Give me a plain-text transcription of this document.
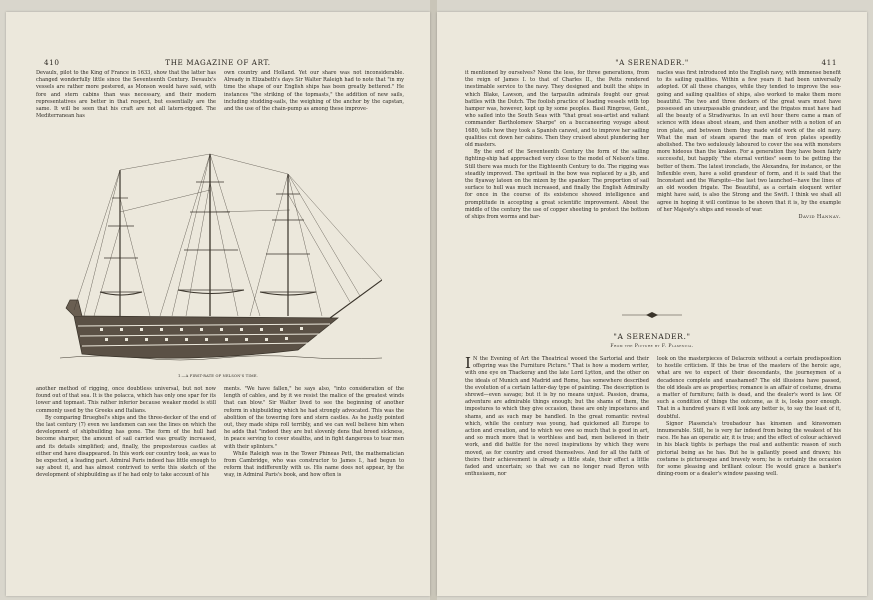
410	THE MAGAZINE OF ART.

Devaulx, pilot to the King of France in 1633, show that the latter has changed wonderfully little since the Seventeenth Century. Devaulx's vessels are rather more pestered, as Monson would have said, with fore and stern cabins than was necessary, and their modern representatives are better in that respect, but essentially are the same. It will be seen that his craft are not all latern-rigged. The Mediterranean has

own country and Holland. Yet our share was not inconsiderable. Already in Elizabeth's days Sir Walter Raleigh had to note that "in my time the shape of our English ships has been greatly bettered." He instances "the striking of the topmasts," the addition of new sails, including studding-sails, the weighing of the anchor by the capstan, and the use of the chain-pump as among these improve-

1.—A FIRST-RATE OF NELSON'S TIME.

another method of rigging, once doubtless universal, but not now found out of that sea. It is the polacca, which has only one spar for its lower and topmast. This rather inferior because weaker model is still commonly used by the Greeks and Italians.

By comparing Brueghel's ships and the three-decker of the end of the last century (7) even we landsmen can see the lines on which the development of shipbuilding has gone. The form of the hull had become sharper, the amount of sail carried was greatly increased, and its details simplified; and, finally, the preposterous castles at either end have disappeared. In this work our country took, as was to be expected, a leading part. Admiral Paris indeed has little enough to say about it, and has almost contrived to write this sketch of the development of shipbuilding as if he had only to take account of his

ments. "We have fallen," he says also, "into consideration of the length of cables, and by it we resist the malice of the greatest winds that can blow." Sir Walter lived to see the beginning of another reform in shipbuilding which he had strongly advocated. This was the abolition of the towering fore and stern castles. As he justly pointed out, they made ships roll terribly, and we can well believe him when he adds that "indeed they are but slovenly dens that breed sickness, in peace serving to cover stealths, and in fight dangerous to tear men with their splinters."

While Raleigh was in the Tower Phineas Pett, the mathematician from Cambridge, who was constructor to James I., had begun to reform that indifferently with us. His name does not appear, by the way, in Admiral Paris's book, and how often is

"A SERENADER."	411

it mentioned by ourselves? None the less, for three generations, from the reign of James I. to that of Charles II., the Petts rendered inestimable service to the navy. They designed and built the ships in which Blake, Lawson, and the tarpaulin admirals fought our great battles with the Dutch. The foolish practice of loading vessels with top hamper was, however, kept up by some peoples. Basil Ringrose, Gent., who sailed into the South Seas with "that great sea-artist and valiant commander Bartholomew Sharpe" on a buccaneering voyage about 1680, tells how they took a Spanish caravel, and to improve her sailing qualities cut down her cabins. Then they cruised about plundering her old masters.

By the end of the Seventeenth Century the form of the sailing fighting-ship had approached very close to the model of Nelson's time. Still there was much for the Eighteenth Century to do. The rigging was steadily improved. The spritsail in the bow was replaced by a jib, and the flyaway lateen on the mizen by the spanker. The proportion of sail surface to hull was much increased, and finally the English Admiralty for once in the course of its existence showed intelligence and promptitude in accepting a great scientific improvement. About the middle of the century the use of copper sheeting to protect the bottom of ships from worms and bar-

nacles was first introduced into the English navy, with immense benefit to its sailing qualities. Within a few years it had been universally adopted. Of all these changes, while they tended to improve the sea-going and sailing qualities of ships, also worked to make them more beautiful. The two and three deckers of the great wars must have possessed an unsurpassable grandeur, and the frigates must have had all the beauty of a Stradivarius. In an evil hour there came a man of science with ideas about steam, and then another with a notion of an iron plate, and between them they made wild work of the old navy. What the man of steam spared the man of iron plates speedily abolished. The two sedulously laboured to cover the sea with monsters more hideous than the kraken. For a generation they have been fairly successful, but happily "the eternal verities" seem to be getting the better of them. The latest ironclads, the Alexandra, for instance, or the Inflexible even, have a solid grandeur of form, and it is said that the Inconstant and the Warspite—the last two launched—have the lines of an old wooden frigate. The Beautiful, as a certain eloquent writer might have said, is also the Strong and the Swift. I think we shall all agree in hoping it will continue to be shown that it is, by the example of her Majesty's ships and vessels of war.

David Hannay.

"A SERENADER."
From the Picture by F. Plasencia.

I N the Evening of Art the Theatrical wooed the Sartorial and their offspring was the Furniture Picture." That is how a modern writer, with one eye on Thackeray and the late Lord Lytton, and the other on the ideals of Munich and Madrid and Rome, has somewhere described the evolution of a certain latter-day type of painting. The description is shrewd—even savage; but it is by no means unjust. Passion, drama, adventure are admirable things enough; but the shams of them, the impostures to which they give occasion, these are only impostures and shams, and as such may be handled. In the great romantic revival which, while the century was young, had quickened all Europe to action and creation, and to which we owe so much that is good in art, and so much more that is worthless and bad, men believed in their work, and did battle for the novel inspirations by which they were moved, as for country and creed themselves. And for all the faith of theirs their achievement is already a little stale, their effect a little faded and uncertain; so that we can no longer read Byron with enthusiasm, nor

look on the masterpieces of Delacroix without a certain predisposition to hostile criticism. If this be true of the masters of the heroic age, what are we to expect of their descendants, the journeymen of a decadence complete and unashamed? The old illusions have passed, the old ideals are as properties; romance is an affair of costume, drama a matter of furniture; faith is dead, and the dealer's word is law. Of such a condition of things the outcome, as it is, looks poor enough. That in a hundred years it will look any better is, to say the least of it, doubtful.

Signor Plasencia's troubadour has kinsmen and kinswomen innumerable. Still, he is very far indeed from being the weakest of his race. He has an operatic air, it is true; and the effect of colour achieved in his black tights is perhaps the real and authentic reason of such pictorial being as he has. But he is gallantly posed and drawn; his costume is picturesque and bravely worn; he is certainly the occasion for some pleasing and brilliant colour. He would grace a banker's dining-room or a dealer's window passing well.
